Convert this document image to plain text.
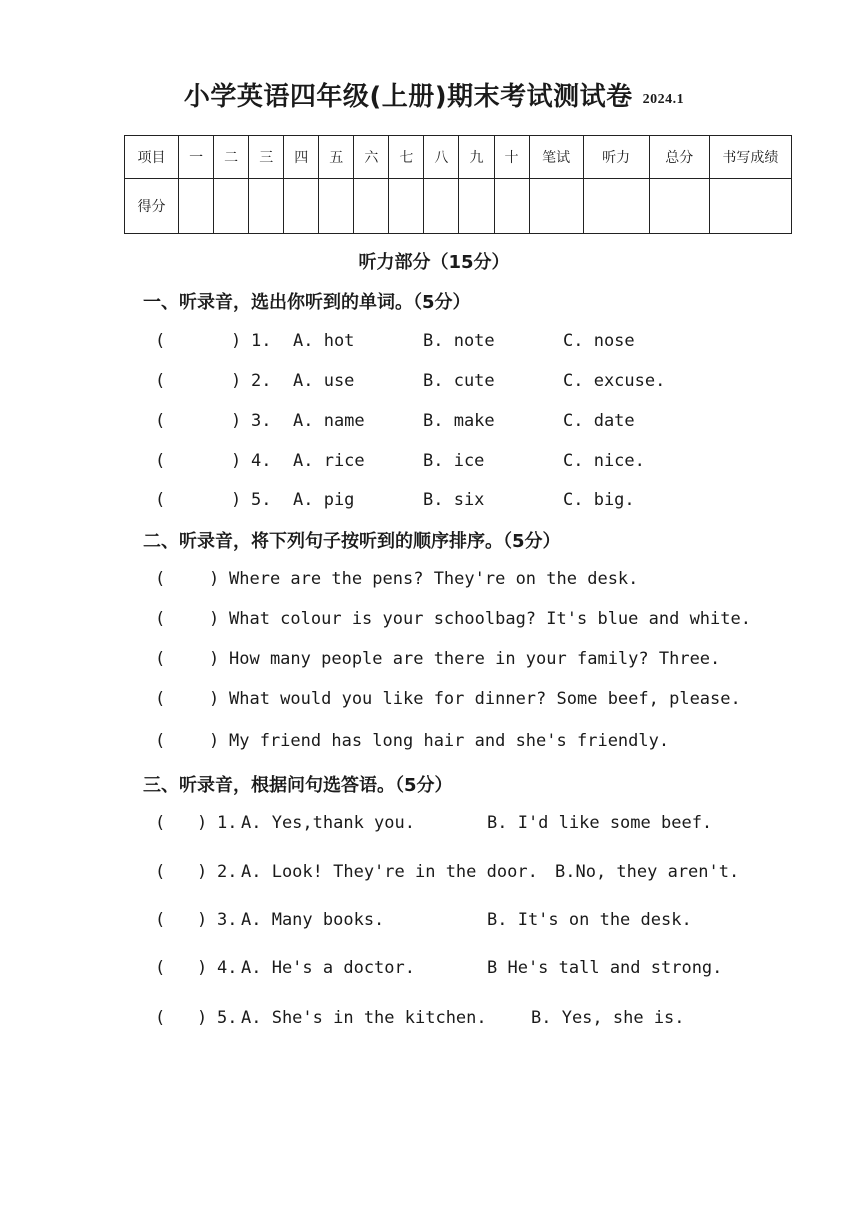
小学英语四年级(上册)期末考试测试卷 2024.1
项目	一	二	三	四	五	六	七	八	九	十	笔试	听力	总分	书写成绩
得分														
听力部分（15分）
一、听录音，选出你听到的单词。（5分）
(	) 1. A. hot	B. note	C. nose
(	) 2. A. use	B. cute	C. excuse.
(	) 3. A. name	B. make	C. date
(	) 4. A. rice	B. ice	C. nice.
(	) 5. A. pig	B. six	C. big.
二、听录音，将下列句子按听到的顺序排序。（5分）
(	) Where are the pens? They're on the desk.
(	) What colour is your schoolbag? It's blue and white.
(	) How many people are there in your family? Three.
(	) What would you like for dinner? Some beef, please.
(	) My friend has long hair and she's friendly.
三、听录音，根据问句选答语。（5分）
( ) 1. A. Yes,thank you.	B. I'd like some beef.
( ) 2. A. Look! They're in the door. B.No, they aren't.
( ) 3. A. Many books.	B. It's on the desk.
( ) 4. A. He's a doctor.	B He's tall and strong.
( ) 5. A. She's in the kitchen.	B. Yes, she is.
